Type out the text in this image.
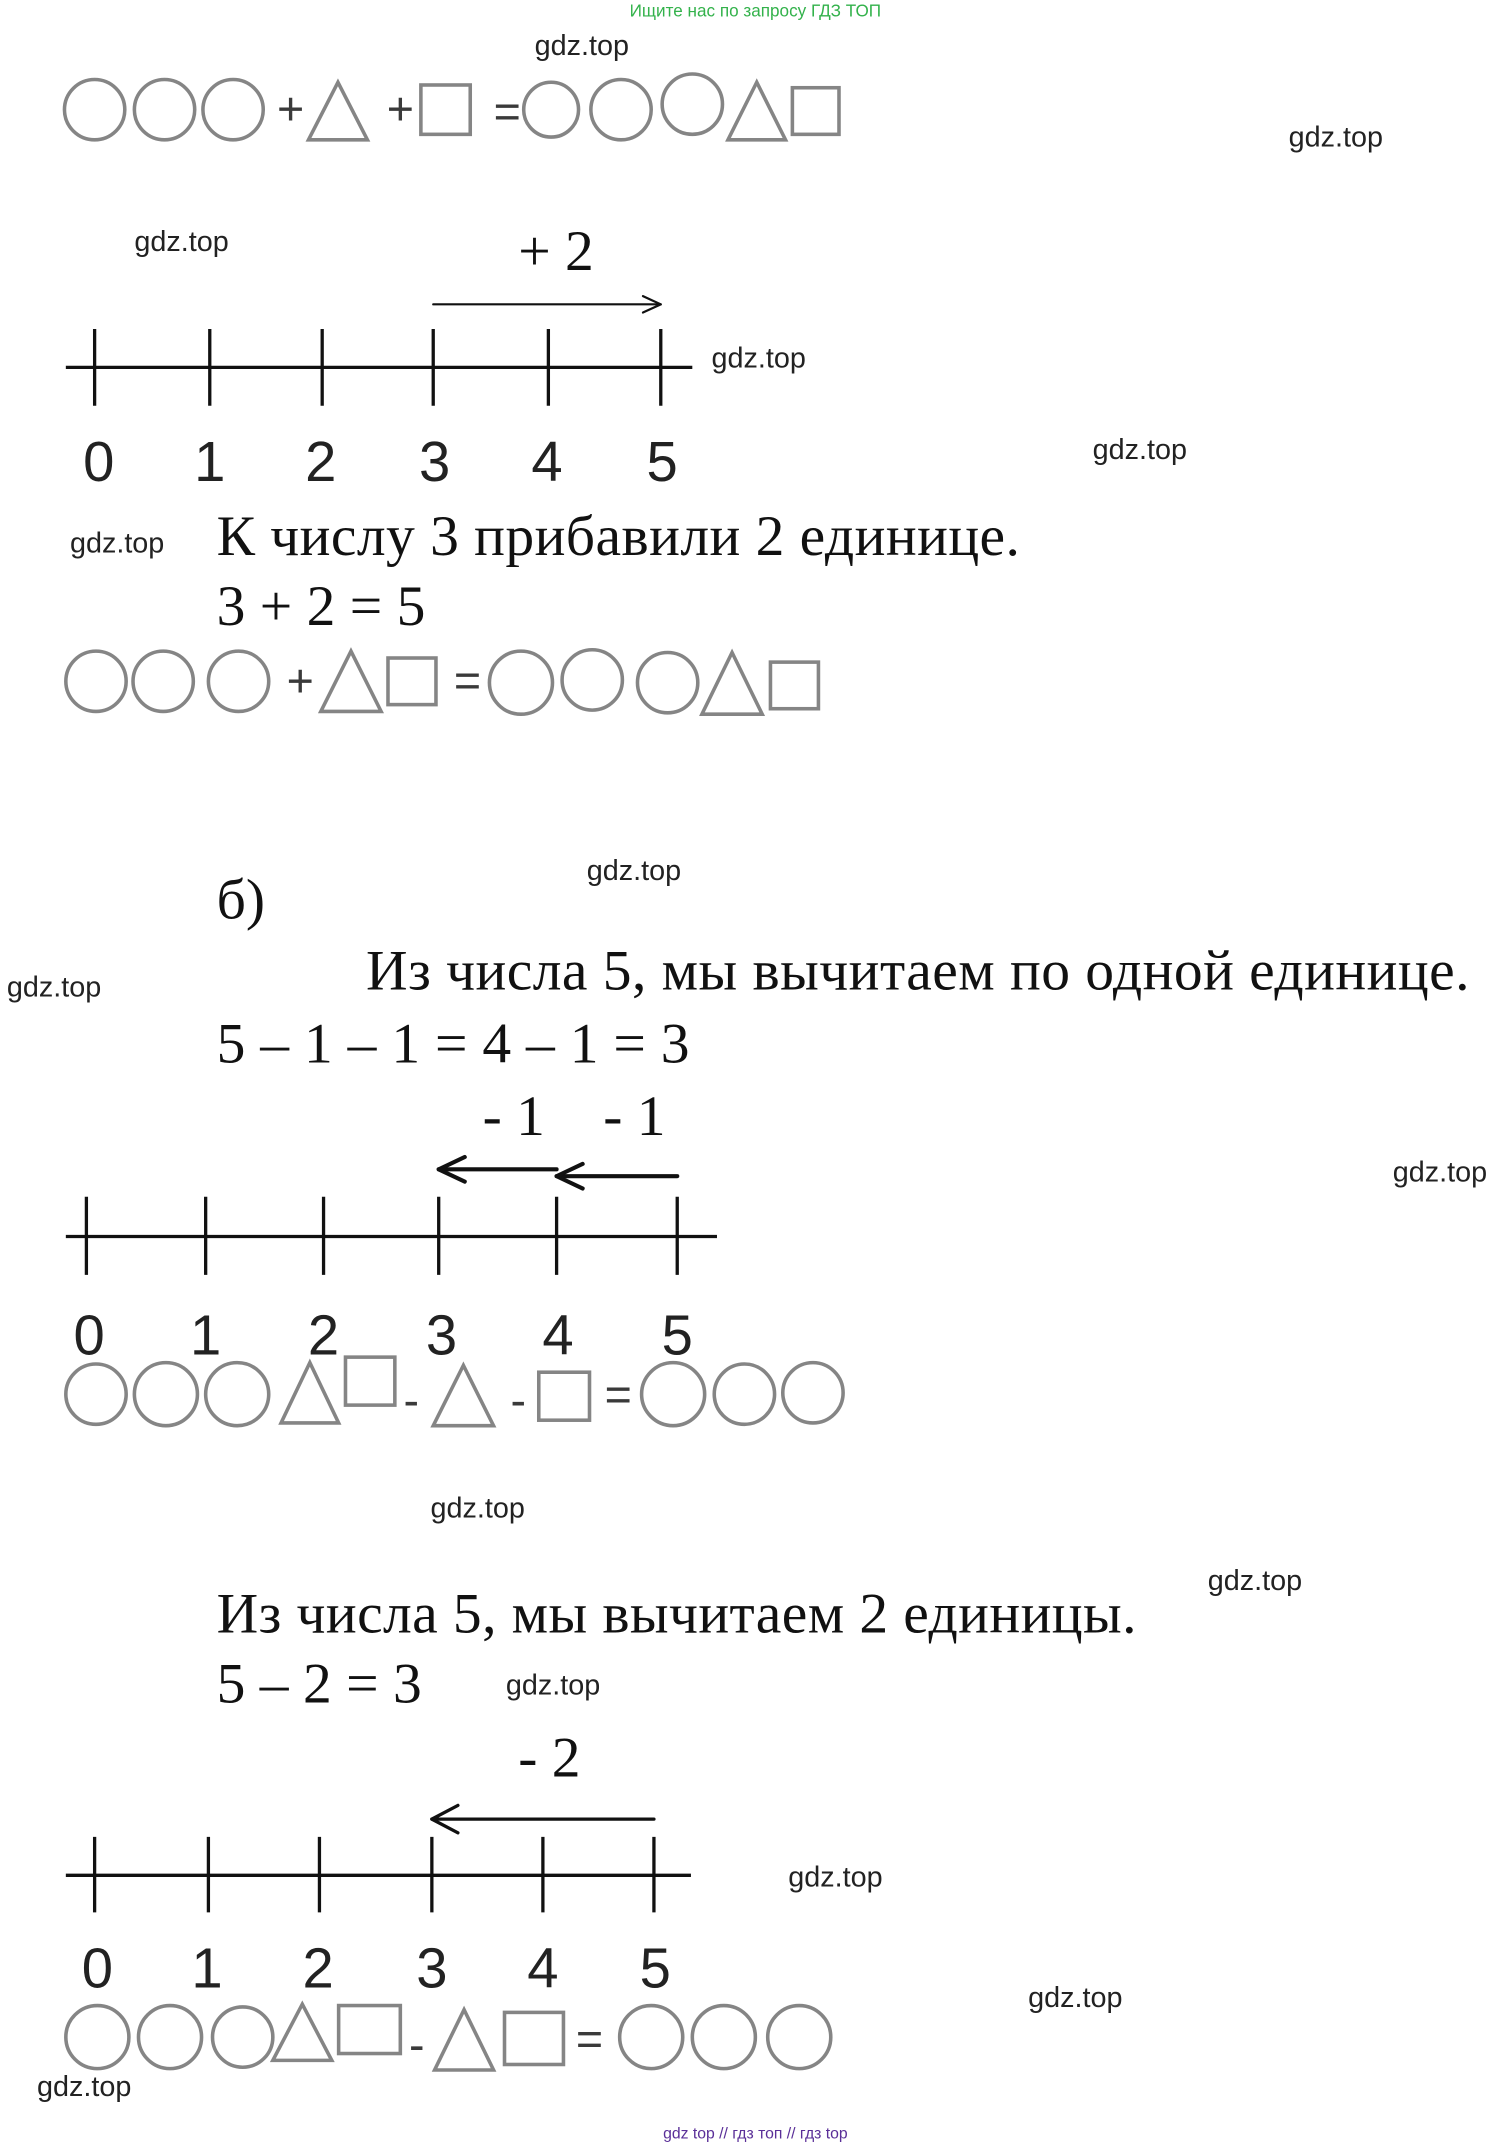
Ищите нас по запросу ГДЗ ТОП
gdz.top
gdz.top
gdz.top
gdz.top
gdz.top
gdz.top
gdz.top
gdz.top
gdz.top
gdz.top
gdz.top
gdz.top
gdz.top
gdz.top
gdz.top
+ + =
0 1 2 3 4 5
+ 2
К числу 3 прибавили 2 единице.
3 + 2 = 5
+	=
б)
Из числа 5, мы вычитаем по одной единице.
5 – 1 – 1 = 4 – 1 = 3
0 1 2 3 4 5
- 1 - 1
-	- =
Из числа 5, мы вычитаем 2 единицы.
5 – 2 = 3
0 1 2 3 4 5
- 2
-	=
gdz top // гдз топ // гдз top
